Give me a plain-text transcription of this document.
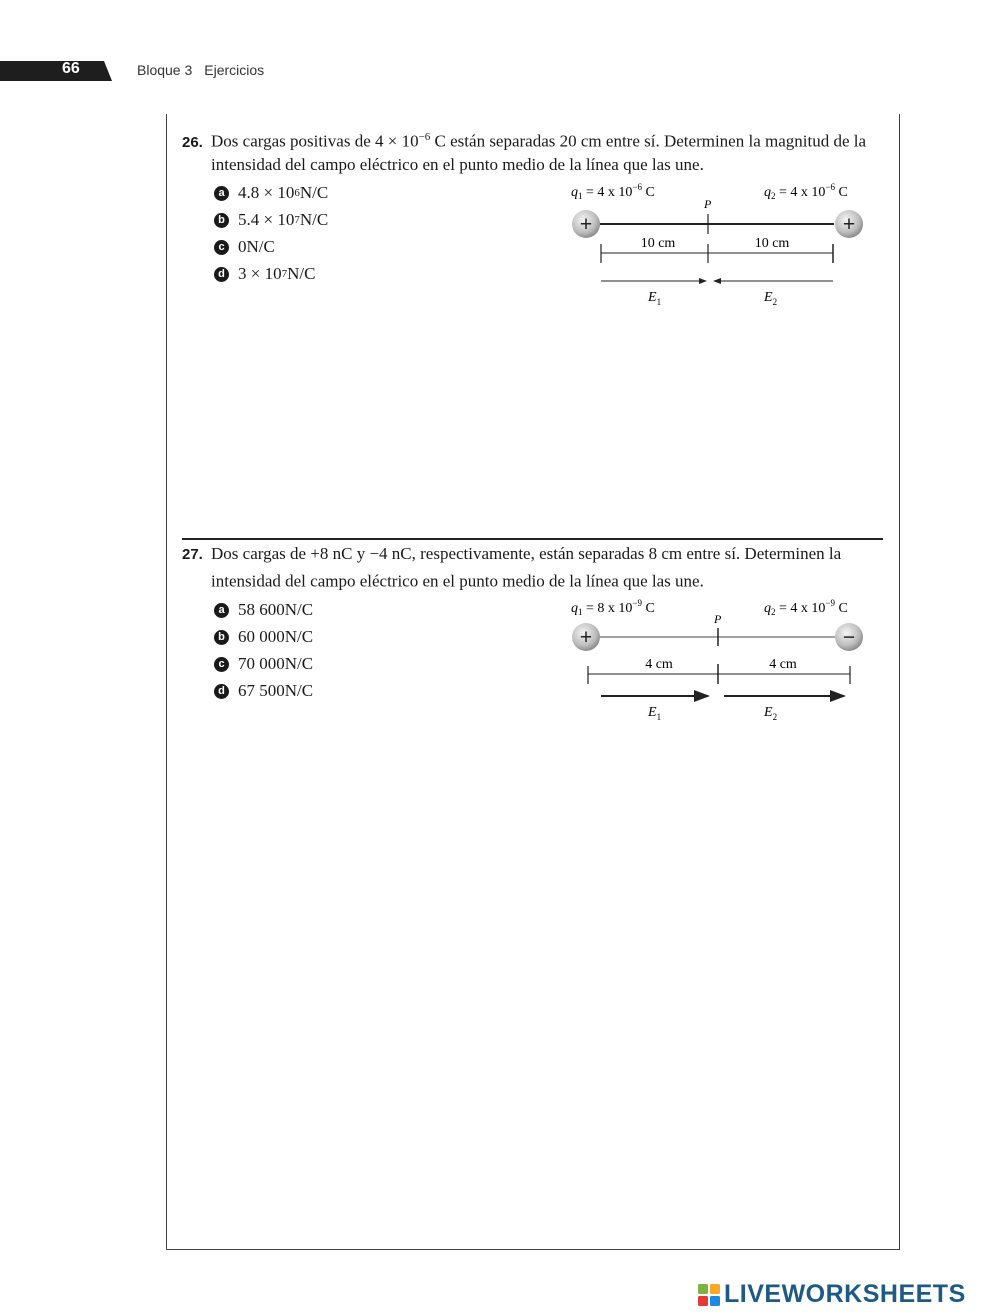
66	Bloque 3 Ejercicios
26. Dos cargas positivas de $4 \times 10^{-6}$ C están separadas 20 cm entre sí. Determinen la magnitud de la intensidad del campo eléctrico en el punto medio de la línea que las une.
a 4.8 × 10 6 N/C
b 5.4 × 10 7 N/C
c 0 N/C
d 3 × 10 7 N/C
$q_1 = 4$ x $10^{-6}$ C	$q_2 = 4$ x $10^{-6}$ C
P
+	+
10 cm	10 cm
$E_1$	$E_2$
27. Dos cargas de +8 nC y −4 nC, respectivamente, están separadas 8 cm entre sí. Determinen la intensidad del campo eléctrico en el punto medio de la línea que las une.
a 58 600 N/C
b 60 000 N/C
c 70 000 N/C
d 67 500 N/C
$q_1 = 8$ x $10^{-9}$ C	$q_2 = 4$ x $10^{-9}$ C
P
+	−
4 cm	4 cm
$E_1$	$E_2$
LIVEWORKSHEETS
